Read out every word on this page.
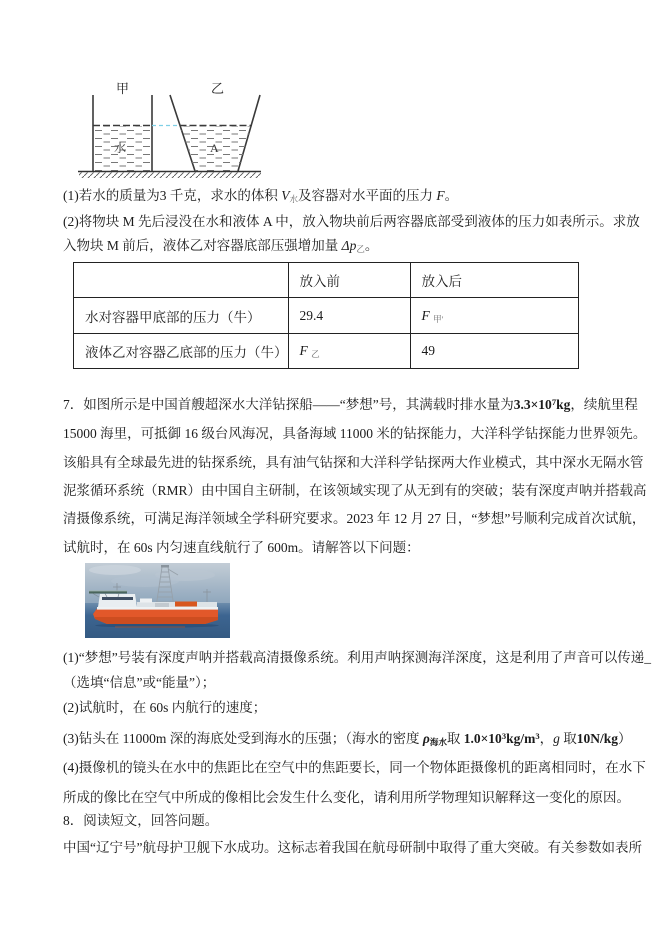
甲	乙
水	A
(1)若水的质量为3 千克，求水的体积 $V_水$及容器对水平面的压力 F。
(2)将物块 M 先后浸没在水和液体 A 中，放入物块前后两容器底部受到液体的压力如表所示。求放
入物块 M 前后，液体乙对容器底部压强增加量 $\Delta p_乙$。
	放入前	放入后
水对容器甲底部的压力（牛）	29.4	F $_{甲'}$
液体乙对容器乙底部的压力（牛）	F $_乙$	49
7．如图所示是中国首艘超深水大洋钻探船——“梦想”号，其满载时排水量为$3.3\times 10^7kg$，续航里程
15000 海里，可抵御 16 级台风海况，具备海域 11000 米的钻探能力，大洋科学钻探能力世界领先。
该船具有全球最先进的钻探系统，具有油气钻探和大洋科学钻探两大作业模式，其中深水无隔水管
泥浆循环系统（RMR）由中国自主研制，在该领域实现了从无到有的突破；装有深度声呐并搭载高
清摄像系统，可满足海洋领域全学科研究要求。2023 年 12 月 27 日，“梦想”号顺利完成首次试航，
试航时，在 60s 内匀速直线航行了 600m。请解答以下问题：
(1)“梦想”号装有深度声呐并搭载高清摄像系统。利用声呐探测海洋深度，这是利用了声音可以传递_
（选填“信息”或“能量”）；
(2)试航时，在 60s 内航行的速度；
(3)钻头在 11000m 深的海底处受到海水的压强；（海水的密度 $\rho_{海水}$取 $1.0\times 10^3kg/m^3$，g 取10N/kg）
(4)摄像机的镜头在水中的焦距比在空气中的焦距要长，同一个物体距摄像机的距离相同时，在水下
所成的像比在空气中所成的像相比会发生什么变化，请利用所学物理知识解释这一变化的原因。
8．阅读短文，回答问题。
中国“辽宁号”航母护卫舰下水成功。这标志着我国在航母研制中取得了重大突破。有关参数如表所
